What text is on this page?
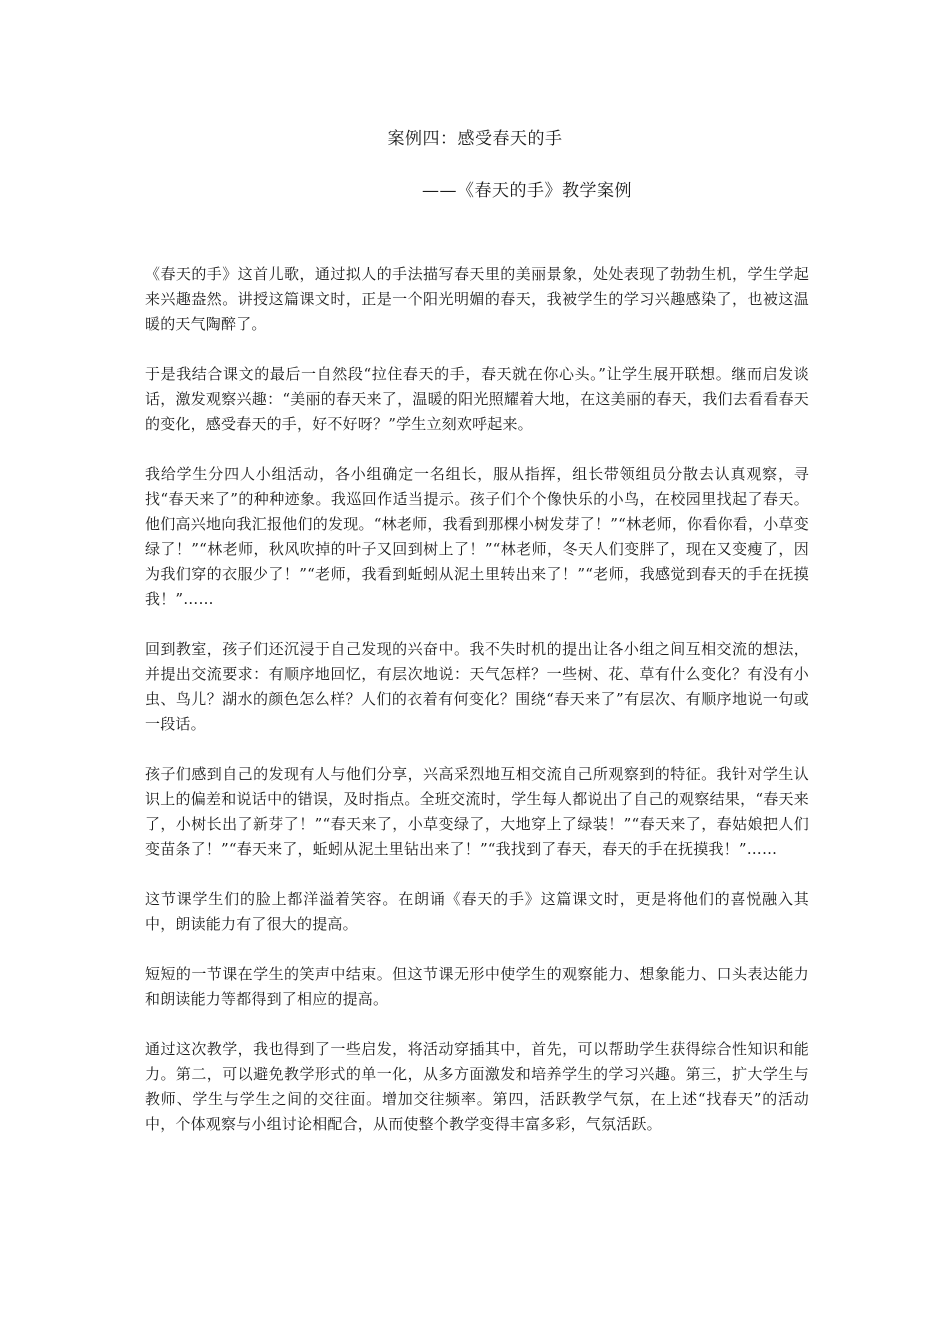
案例四：感受春天的手
——《春天的手》教学案例

《春天的手》这首儿歌，通过拟人的手法描写春天里的美丽景象，处处表现了勃勃生机，学生学起来兴趣盎然。讲授这篇课文时，正是一个阳光明媚的春天，我被学生的学习兴趣感染了，也被这温暖的天气陶醉了。

于是我结合课文的最后一自然段“拉住春天的手，春天就在你心头。”让学生展开联想。继而启发谈话，激发观察兴趣：“美丽的春天来了，温暖的阳光照耀着大地，在这美丽的春天，我们去看看春天的变化，感受春天的手，好不好呀？”学生立刻欢呼起来。

我给学生分四人小组活动，各小组确定一名组长，服从指挥，组长带领组员分散去认真观察，寻找“春天来了”的种种迹象。我巡回作适当提示。孩子们个个像快乐的小鸟，在校园里找起了春天。他们高兴地向我汇报他们的发现。“林老师，我看到那棵小树发芽了！”“林老师，你看你看，小草变绿了！”“林老师，秋风吹掉的叶子又回到树上了！”“林老师，冬天人们变胖了，现在又变瘦了，因为我们穿的衣服少了！”“老师，我看到蚯蚓从泥土里转出来了！”“老师，我感觉到春天的手在抚摸我！”……

回到教室，孩子们还沉浸于自己发现的兴奋中。我不失时机的提出让各小组之间互相交流的想法，并提出交流要求：有顺序地回忆，有层次地说：天气怎样？一些树、花、草有什么变化？有没有小虫、鸟儿？湖水的颜色怎么样？人们的衣着有何变化？围绕“春天来了”有层次、有顺序地说一句或一段话。

孩子们感到自己的发现有人与他们分享，兴高采烈地互相交流自己所观察到的特征。我针对学生认识上的偏差和说话中的错误，及时指点。全班交流时，学生每人都说出了自己的观察结果，“春天来了，小树长出了新芽了！”“春天来了，小草变绿了，大地穿上了绿装！”“春天来了，春姑娘把人们变苗条了！”“春天来了，蚯蚓从泥土里钻出来了！”“我找到了春天，春天的手在抚摸我！”……

这节课学生们的脸上都洋溢着笑容。在朗诵《春天的手》这篇课文时，更是将他们的喜悦融入其中，朗读能力有了很大的提高。

短短的一节课在学生的笑声中结束。但这节课无形中使学生的观察能力、想象能力、口头表达能力和朗读能力等都得到了相应的提高。

通过这次教学，我也得到了一些启发，将活动穿插其中，首先，可以帮助学生获得综合性知识和能力。第二，可以避免教学形式的单一化，从多方面激发和培养学生的学习兴趣。第三，扩大学生与教师、学生与学生之间的交往面。增加交往频率。第四，活跃教学气氛，在上述“找春天”的活动中，个体观察与小组讨论相配合，从而使整个教学变得丰富多彩，气氛活跃。
